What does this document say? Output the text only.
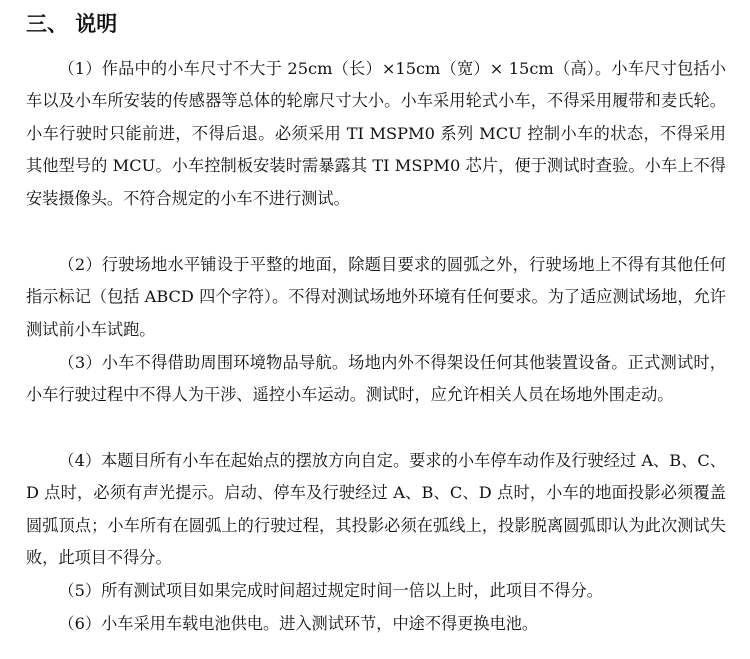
三、 说明

（1）作品中的小车尺寸不大于 25cm（长）×15cm（宽）× 15cm（高）。小车尺寸包括小车以及小车所安装的传感器等总体的轮廓尺寸大小。小车采用轮式小车，不得采用履带和麦氏轮。小车行驶时只能前进，不得后退。必须采用 TI MSPM0 系列 MCU 控制小车的状态，不得采用其他型号的 MCU。小车控制板安装时需暴露其 TI MSPM0 芯片，便于测试时查验。小车上不得安装摄像头。不符合规定的小车不进行测试。

（2）行驶场地水平铺设于平整的地面，除题目要求的圆弧之外，行驶场地上不得有其他任何指示标记（包括 ABCD 四个字符）。不得对测试场地外环境有任何要求。为了适应测试场地，允许测试前小车试跑。

（3）小车不得借助周围环境物品导航。场地内外不得架设任何其他装置设备。正式测试时，小车行驶过程中不得人为干涉、遥控小车运动。测试时，应允许相关人员在场地外围走动。

（4）本题目所有小车在起始点的摆放方向自定。要求的小车停车动作及行驶经过 A、B、C、D 点时，必须有声光提示。启动、停车及行驶经过 A、B、C、D 点时，小车的地面投影必须覆盖圆弧顶点；小车所有在圆弧上的行驶过程，其投影必须在弧线上，投影脱离圆弧即认为此次测试失败，此项目不得分。

（5）所有测试项目如果完成时间超过规定时间一倍以上时，此项目不得分。

（6）小车采用车载电池供电。进入测试环节，中途不得更换电池。
